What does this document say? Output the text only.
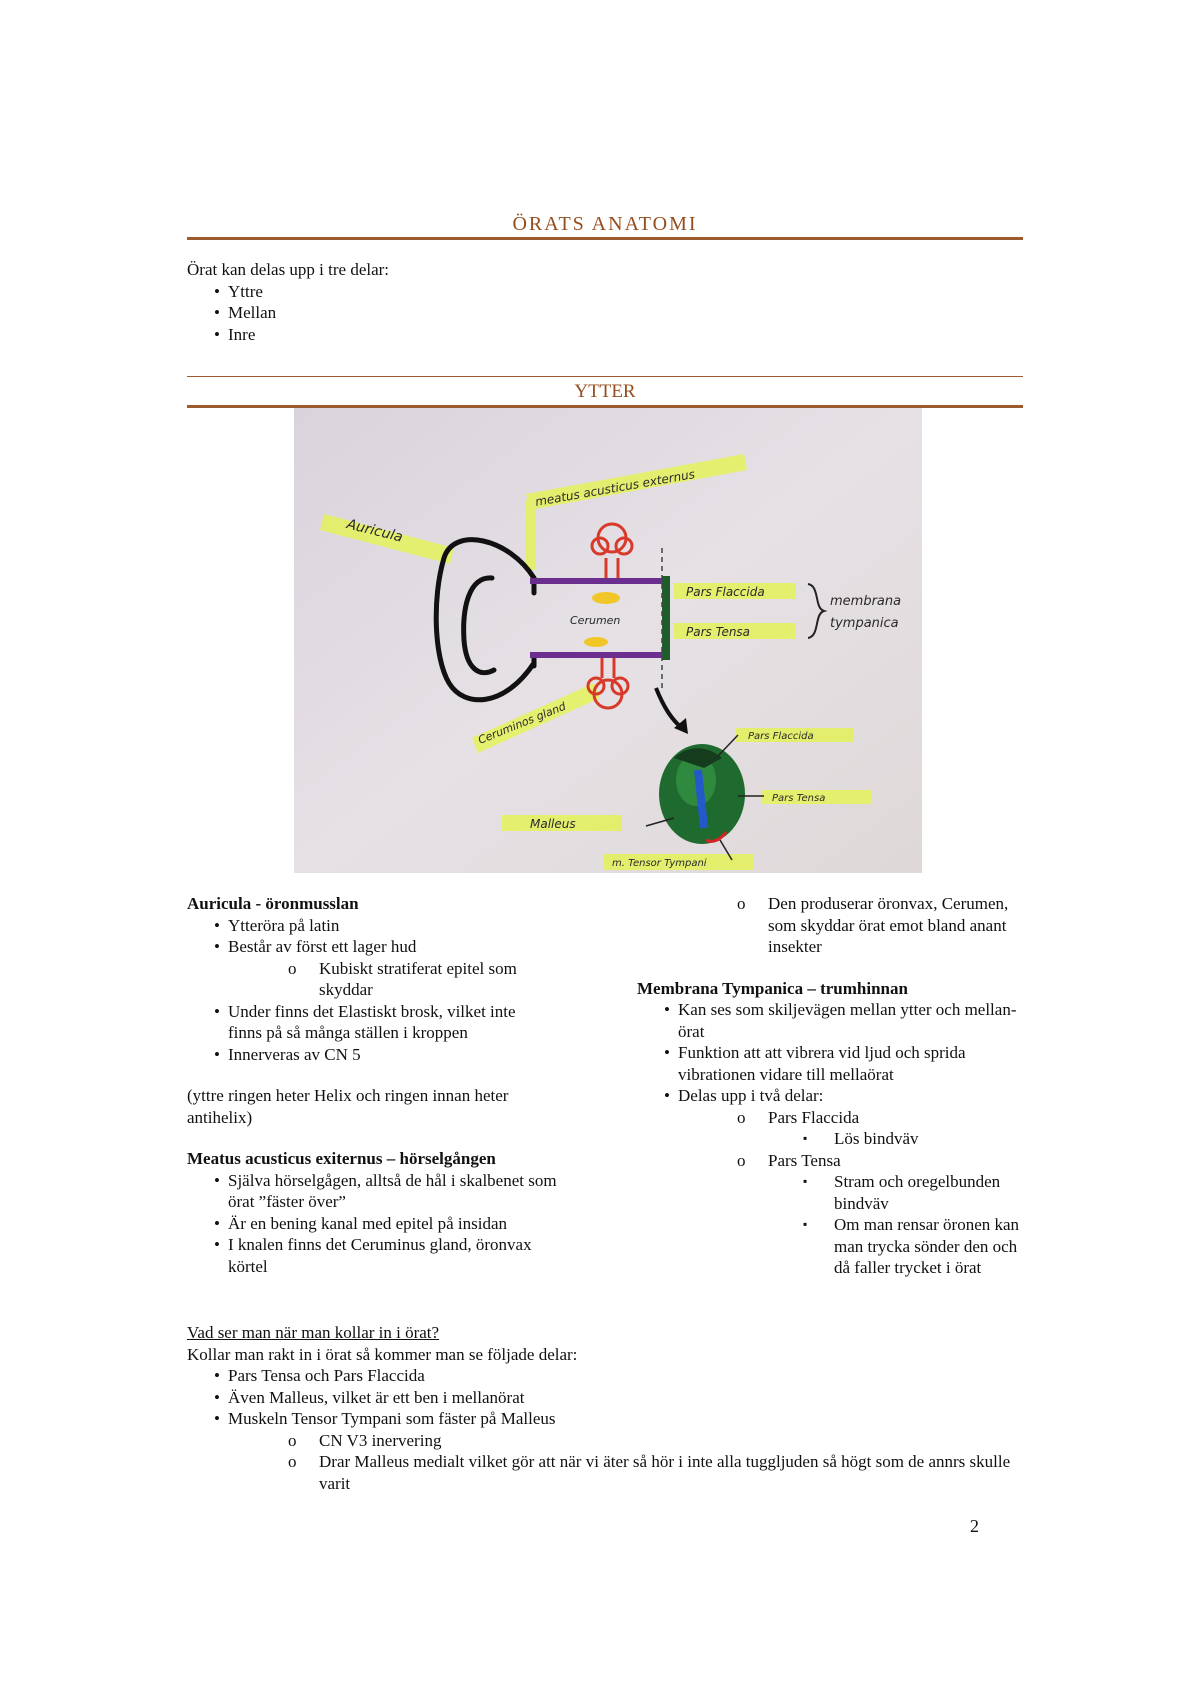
ÖRATS ANATOMI

Örat kan delas upp i tre delar:

• Yttre
• Mellan
• Inre
YTTER
Auricula
meatus acusticus externus
Cerumen
Ceruminos gland
Pars Flaccida
Pars Tensa
membrana
tympanica
Pars Flaccida
Pars Tensa
Malleus
m. Tensor Tympani

Auricula - öronmusslan

• Ytteröra på latin
• Består av först ett lager hud
o Kubiskt stratiferat epitel som skyddar
• Under finns det Elastiskt brosk, vilket inte finns på så många ställen i kroppen
• Innerveras av CN 5

(yttre ringen heter Helix och ringen innan heter antihelix)

Meatus acusticus exiternus – hörselgången

• Själva hörselgågen, alltså de hål i skalbenet som örat ”fäster över”
• Är en bening kanal med epitel på insidan
• I knalen finns det Ceruminus gland, öronvax körtel
o Den produserar öronvax, Cerumen, som skyddar örat emot bland anant insekter

Membrana Tympanica – trumhinnan

• Kan ses som skiljevägen mellan ytter och mellan-örat
• Funktion att att vibrera vid ljud och sprida vibrationen vidare till mellaörat
• Delas upp i två delar:
o Pars Flaccida
▪ Lös bindväv
o Pars Tensa
▪ Stram och oregelbunden bindväv
▪ Om man rensar öronen kan man trycka sönder den och då faller trycket i örat

Vad ser man när man kollar in i örat?

Kollar man rakt in i örat så kommer man se följade delar:

• Pars Tensa och Pars Flaccida
• Även Malleus, vilket är ett ben i mellanörat
• Muskeln Tensor Tympani som fäster på Malleus
o CN V3 inervering
o Drar Malleus medialt vilket gör att när vi äter så hör i inte alla tuggljuden så högt som de annrs skulle varit
2
